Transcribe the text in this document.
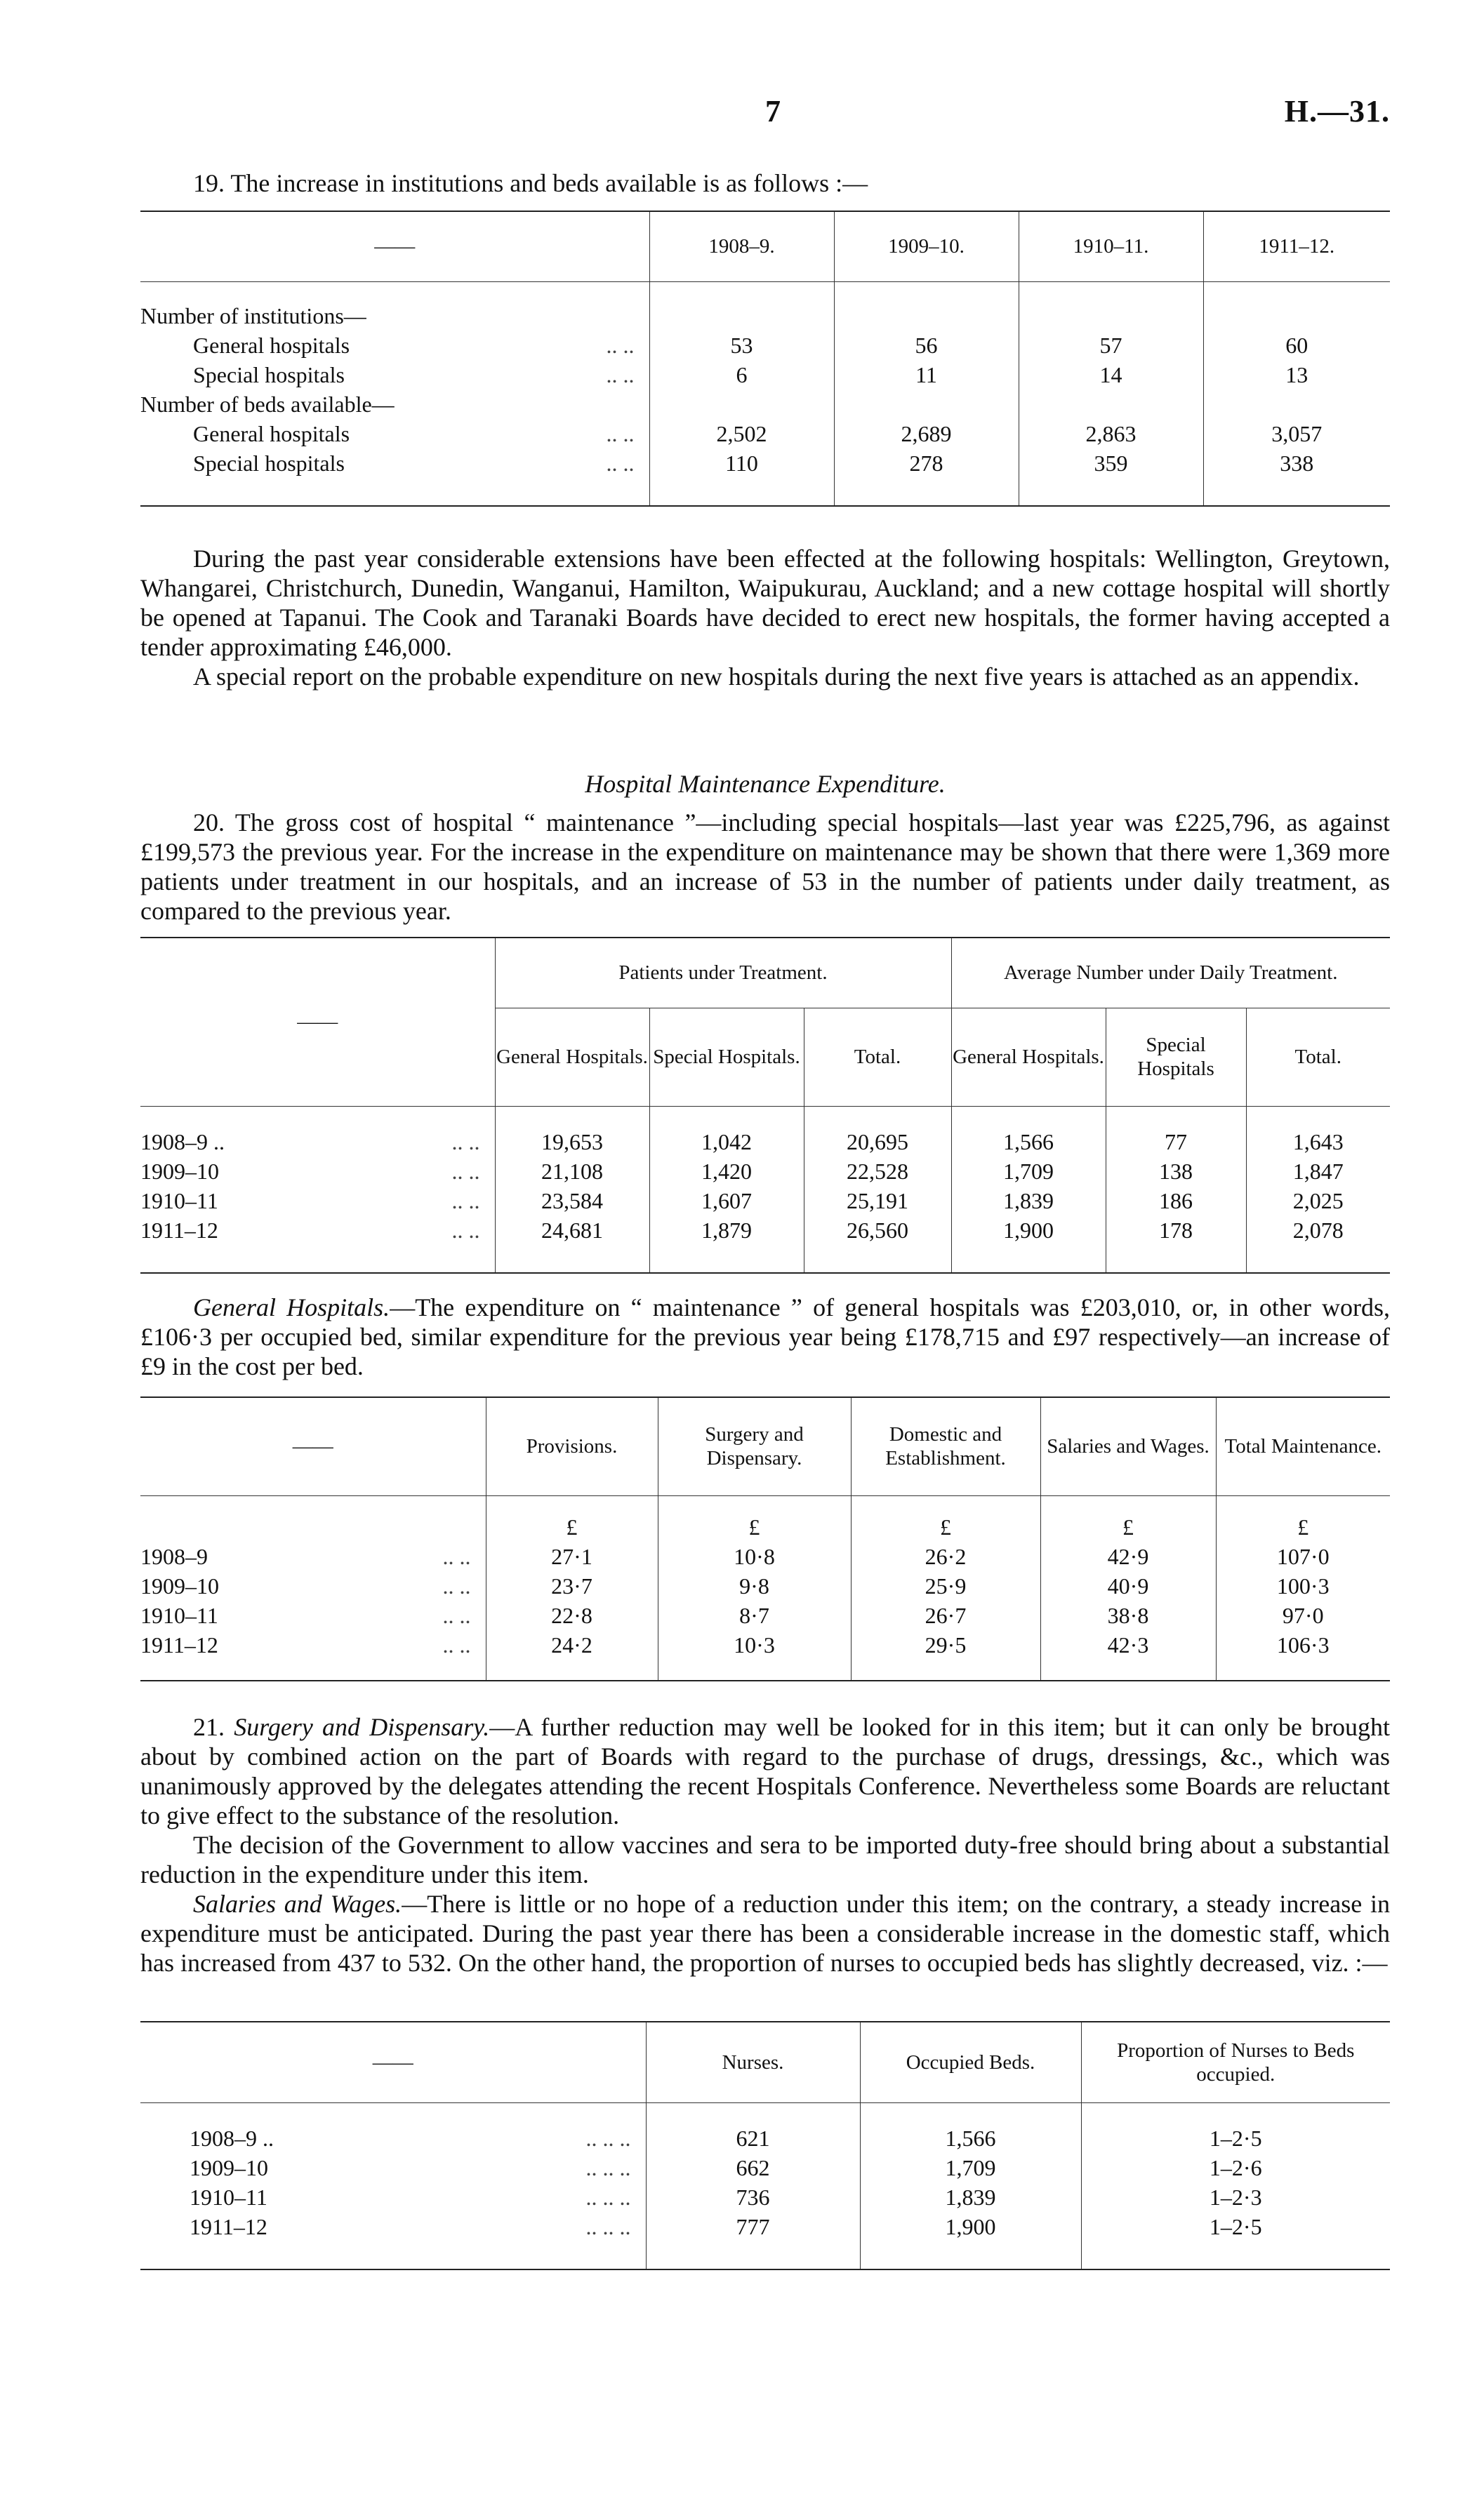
7	H.—31.

19. The increase in institutions and beds available is as follows :—

——	1908–9.	1909–10.	1910–11.	1911–12.
Number of institutions—				
General hospitals .. ..	53	56	57	60
Special hospitals .. ..	6	11	14	13
Number of beds available—				
General hospitals .. ..	2,502	2,689	2,863	3,057
Special hospitals .. ..	110	278	359	338

During the past year considerable extensions have been effected at the following hospitals: Wellington, Greytown, Whangarei, Christchurch, Dunedin, Wanganui, Hamilton, Waipukurau, Auckland; and a new cottage hospital will shortly be opened at Tapanui. The Cook and Taranaki Boards have decided to erect new hospitals, the former having accepted a tender approximating £46,000.

A special report on the probable expenditure on new hospitals during the next five years is attached as an appendix.

Hospital Maintenance Expenditure.

20. The gross cost of hospital “ maintenance ”—including special hospitals—last year was £225,796, as against £199,573 the previous year. For the increase in the expenditure on maintenance may be shown that there were 1,369 more patients under treatment in our hospitals, and an increase of 53 in the number of patients under daily treatment, as compared to the previous year.

——	Patients under Treatment.			Average Number under Daily Treatment.		
	General Hospitals.	Special Hospitals.	Total.	General Hospitals.	Special Hospitals	Total.
1908–9 .. .. ..	19,653	1,042	20,695	1,566	77	1,643
1909–10 .. ..	21,108	1,420	22,528	1,709	138	1,847
1910–11 .. ..	23,584	1,607	25,191	1,839	186	2,025
1911–12 .. ..	24,681	1,879	26,560	1,900	178	2,078

General Hospitals.—The expenditure on “ maintenance ” of general hospitals was £203,010, or, in other words, £106·3 per occupied bed, similar expenditure for the previous year being £178,715 and £97 respectively—an increase of £9 in the cost per bed.

——	Provisions.	Surgery and Dispensary.	Domestic and Establishment.	Salaries and Wages.	Total Maintenance.
	£	£	£	£	£
1908–9 .. ..	27·1	10·8	26·2	42·9	107·0
1909–10 .. ..	23·7	9·8	25·9	40·9	100·3
1910–11 .. ..	22·8	8·7	26·7	38·8	97·0
1911–12 .. ..	24·2	10·3	29·5	42·3	106·3

21. Surgery and Dispensary.—A further reduction may well be looked for in this item; but it can only be brought about by combined action on the part of Boards with regard to the purchase of drugs, dressings, &c., which was unanimously approved by the delegates attending the recent Hospitals Conference. Nevertheless some Boards are reluctant to give effect to the substance of the resolution.

The decision of the Government to allow vaccines and sera to be imported duty-free should bring about a substantial reduction in the expenditure under this item.

Salaries and Wages.—There is little or no hope of a reduction under this item; on the contrary, a steady increase in expenditure must be anticipated. During the past year there has been a considerable increase in the domestic staff, which has increased from 437 to 532. On the other hand, the proportion of nurses to occupied beds has slightly decreased, viz. :—

——	Nurses.	Occupied Beds.	Proportion of Nurses to Beds occupied.
1908–9 .. .. .. ..	621	1,566	1–2·5
1909–10 .. .. ..	662	1,709	1–2·6
1910–11 .. .. ..	736	1,839	1–2·3
1911–12 .. .. ..	777	1,900	1–2·5
